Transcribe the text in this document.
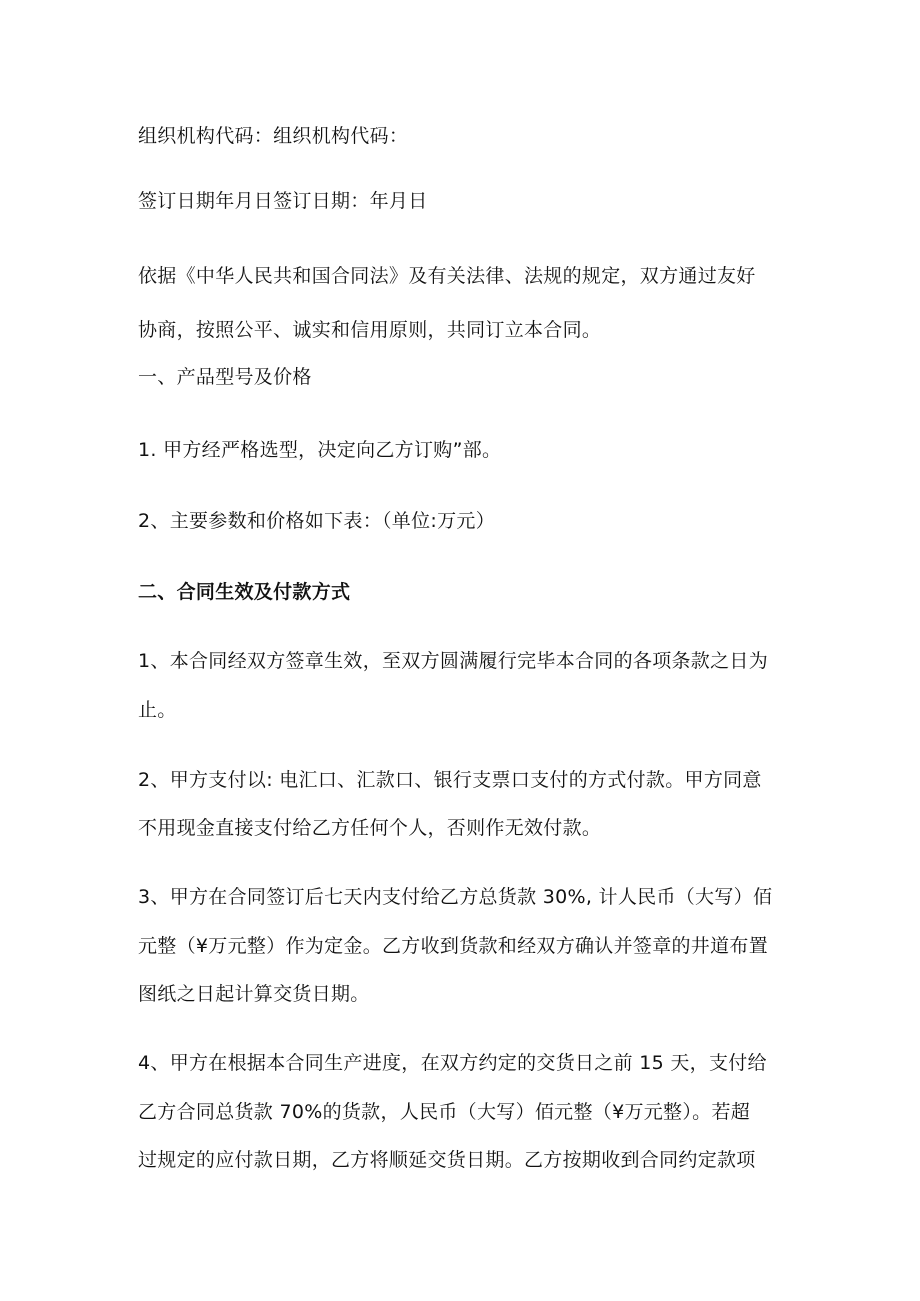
组织机构代码：组织机构代码：
签订日期年月日签订日期：年月日
依据《中华人民共和国合同法》及有关法律、法规的规定，双方通过友好
协商，按照公平、诚实和信用原则，共同订立本合同。
一、产品型号及价格
1. 甲方经严格选型，决定向乙方订购”部。
2、主要参数和价格如下表：（单位:万元）
二、合同生效及付款方式
1、本合同经双方签章生效，至双方圆满履行完毕本合同的各项条款之日为
止。
2、甲方支付以: 电汇口、汇款口、银行支票口支付的方式付款。甲方同意
不用现金直接支付给乙方任何个人，否则作无效付款。
3、甲方在合同签订后七天内支付给乙方总货款 30%, 计人民币（大写）佰
元整（¥万元整）作为定金。乙方收到货款和经双方确认并签章的井道布置
图纸之日起计算交货日期。
4、甲方在根据本合同生产进度，在双方约定的交货日之前 15 天，支付给
乙方合同总货款 70%的货款，人民币（大写）佰元整（¥万元整）。若超
过规定的应付款日期，乙方将顺延交货日期。乙方按期收到合同约定款项
